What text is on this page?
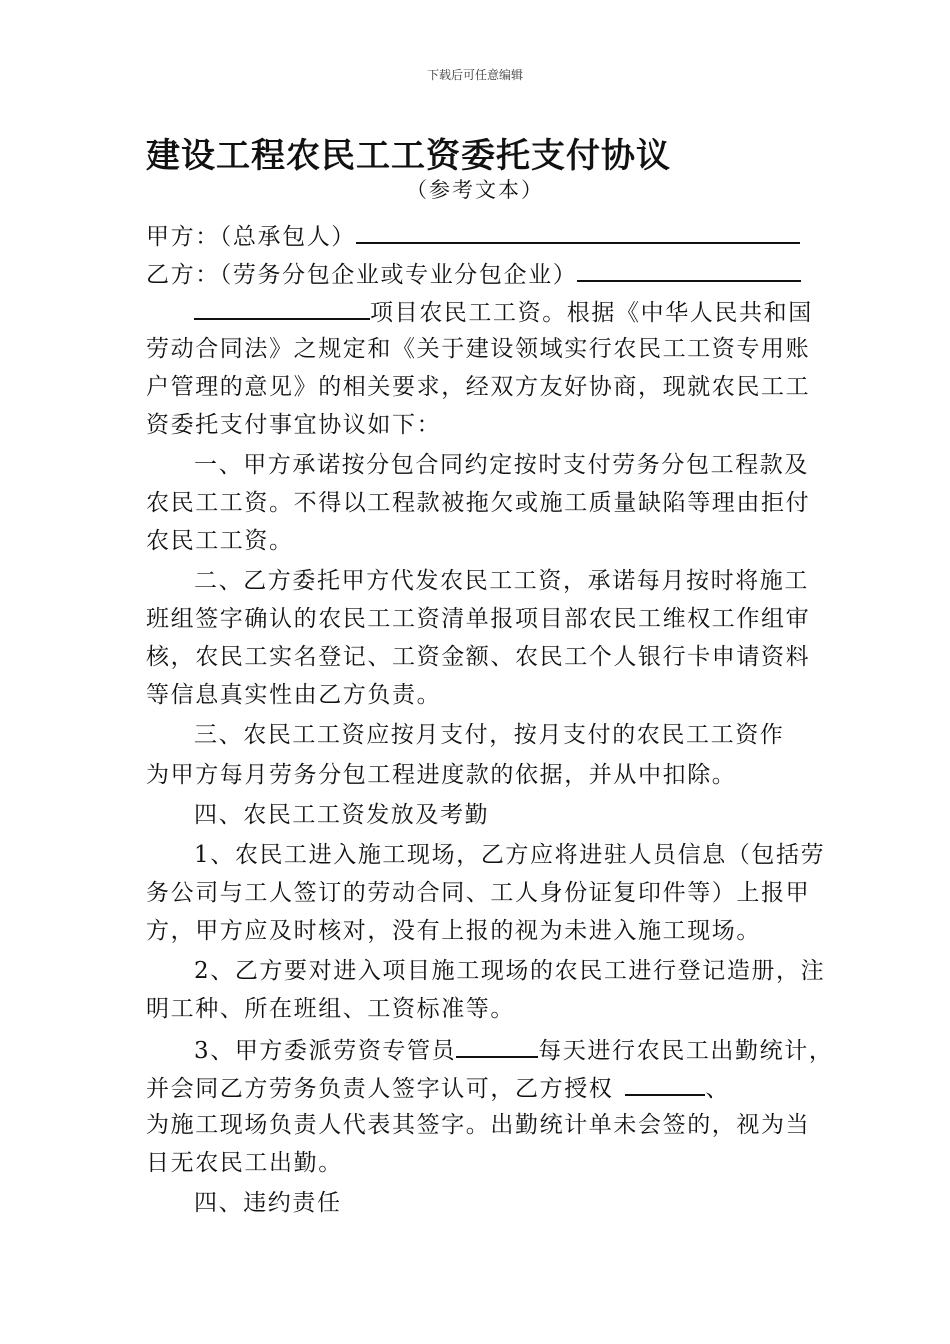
下载后可任意编辑
建设工程农民工工资委托支付协议
（参考文本）
甲方：（总承包人）
乙方：（劳务分包企业或专业分包企业）
项目农民工工资。根据《中华人民共和国
劳动合同法》之规定和《关于建设领域实行农民工工资专用账
户管理的意见》的相关要求，经双方友好协商，现就农民工工
资委托支付事宜协议如下：
一、甲方承诺按分包合同约定按时支付劳务分包工程款及
农民工工资。不得以工程款被拖欠或施工质量缺陷等理由拒付
农民工工资。
二、乙方委托甲方代发农民工工资，承诺每月按时将施工
班组签字确认的农民工工资清单报项目部农民工维权工作组审
核，农民工实名登记、工资金额、农民工个人银行卡申请资料
等信息真实性由乙方负责。
三、农民工工资应按月支付，按月支付的农民工工资作
为甲方每月劳务分包工程进度款的依据，并从中扣除。
四、农民工工资发放及考勤
1、农民工进入施工现场，乙方应将进驻人员信息（包括劳
务公司与工人签订的劳动合同、工人身份证复印件等）上报甲
方，甲方应及时核对，没有上报的视为未进入施工现场。
2、乙方要对进入项目施工现场的农民工进行登记造册，注
明工种、所在班组、工资标准等。
3、甲方委派劳资专管员	每天进行农民工出勤统计，
并会同乙方劳务负责人签字认可，乙方授权	、
为施工现场负责人代表其签字。出勤统计单未会签的，视为当
日无农民工出勤。
四、违约责任
